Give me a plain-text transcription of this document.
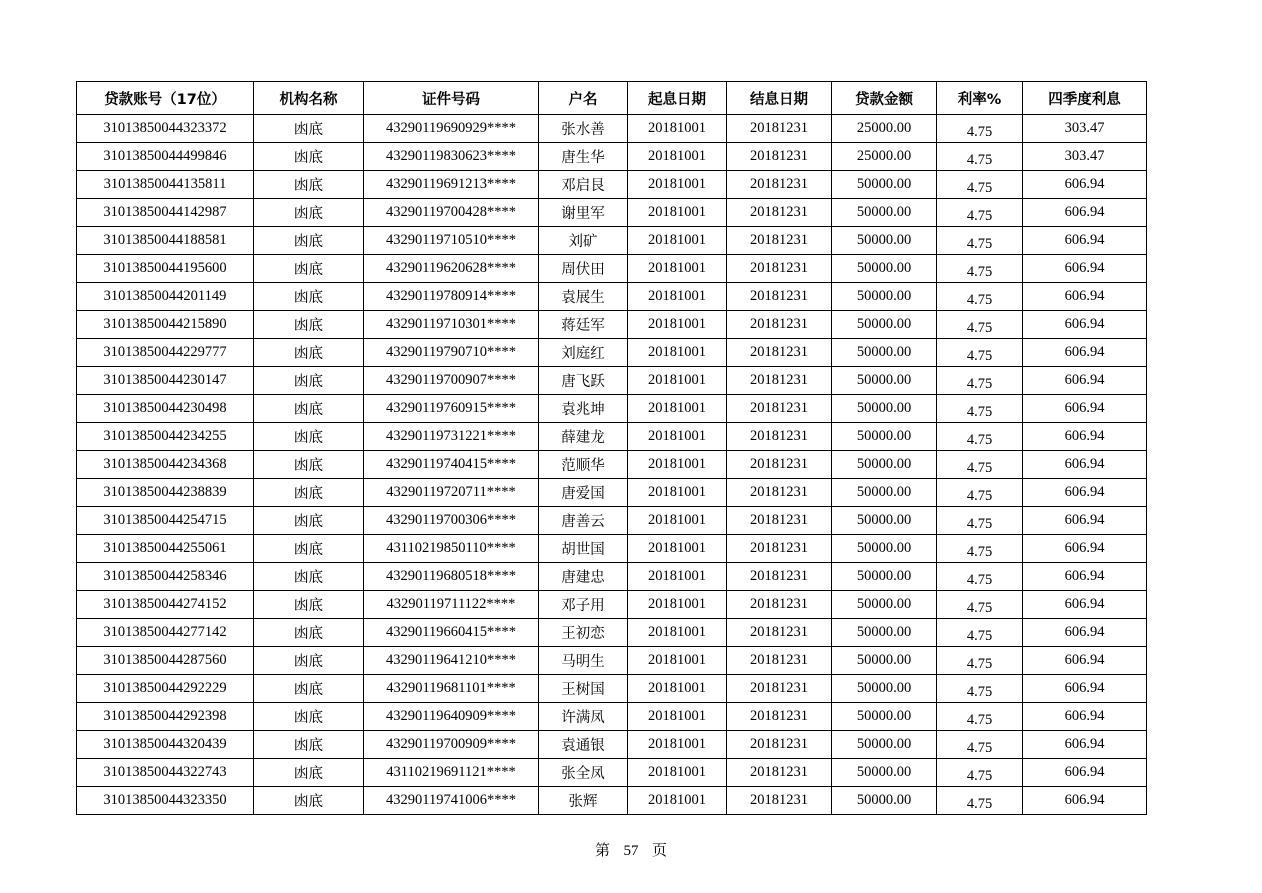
贷款账号（17位）	机构名称	证件号码	户名	起息日期	结息日期	贷款金额	利率%	四季度利息
31013850044323372	凼底	43290119690929****	张水善	20181001	20181231	25000.00	4.75	303.47
31013850044499846	凼底	43290119830623****	唐生华	20181001	20181231	25000.00	4.75	303.47
31013850044135811	凼底	43290119691213****	邓启艮	20181001	20181231	50000.00	4.75	606.94
31013850044142987	凼底	43290119700428****	谢里军	20181001	20181231	50000.00	4.75	606.94
31013850044188581	凼底	43290119710510****	刘矿	20181001	20181231	50000.00	4.75	606.94
31013850044195600	凼底	43290119620628****	周伏田	20181001	20181231	50000.00	4.75	606.94
31013850044201149	凼底	43290119780914****	袁展生	20181001	20181231	50000.00	4.75	606.94
31013850044215890	凼底	43290119710301****	蒋廷军	20181001	20181231	50000.00	4.75	606.94
31013850044229777	凼底	43290119790710****	刘庭红	20181001	20181231	50000.00	4.75	606.94
31013850044230147	凼底	43290119700907****	唐飞跃	20181001	20181231	50000.00	4.75	606.94
31013850044230498	凼底	43290119760915****	袁兆坤	20181001	20181231	50000.00	4.75	606.94
31013850044234255	凼底	43290119731221****	薛建龙	20181001	20181231	50000.00	4.75	606.94
31013850044234368	凼底	43290119740415****	范顺华	20181001	20181231	50000.00	4.75	606.94
31013850044238839	凼底	43290119720711****	唐爱国	20181001	20181231	50000.00	4.75	606.94
31013850044254715	凼底	43290119700306****	唐善云	20181001	20181231	50000.00	4.75	606.94
31013850044255061	凼底	43110219850110****	胡世国	20181001	20181231	50000.00	4.75	606.94
31013850044258346	凼底	43290119680518****	唐建忠	20181001	20181231	50000.00	4.75	606.94
31013850044274152	凼底	43290119711122****	邓子用	20181001	20181231	50000.00	4.75	606.94
31013850044277142	凼底	43290119660415****	王初恋	20181001	20181231	50000.00	4.75	606.94
31013850044287560	凼底	43290119641210****	马明生	20181001	20181231	50000.00	4.75	606.94
31013850044292229	凼底	43290119681101****	王树国	20181001	20181231	50000.00	4.75	606.94
31013850044292398	凼底	43290119640909****	许满凤	20181001	20181231	50000.00	4.75	606.94
31013850044320439	凼底	43290119700909****	袁通银	20181001	20181231	50000.00	4.75	606.94
31013850044322743	凼底	43110219691121****	张全凤	20181001	20181231	50000.00	4.75	606.94
31013850044323350	凼底	43290119741006****	张辉	20181001	20181231	50000.00	4.75	606.94
第 57 页
